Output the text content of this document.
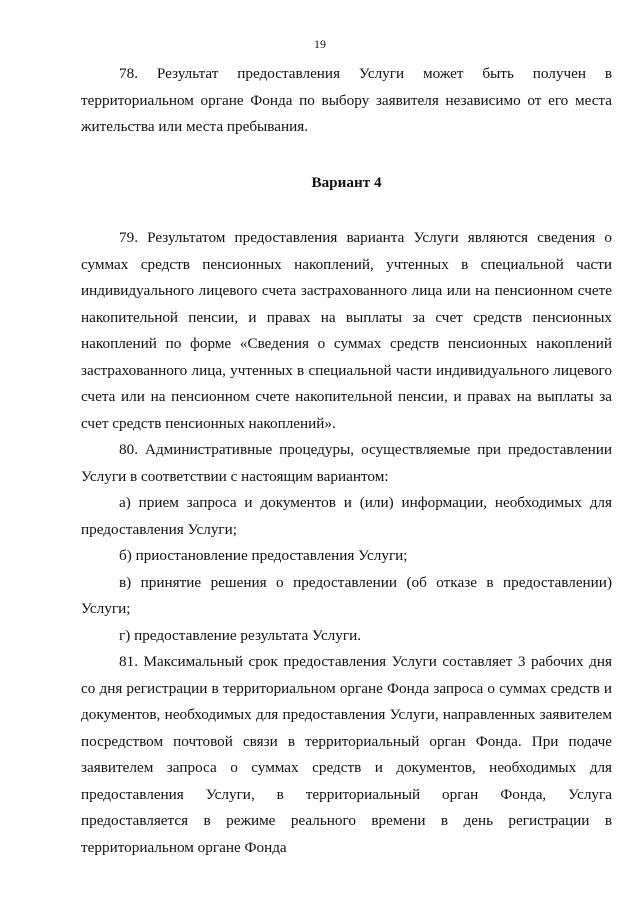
19

78. Результат предоставления Услуги может быть получен в территориальном органе Фонда по выбору заявителя независимо от его места жительства или места пребывания.

Вариант 4

79. Результатом предоставления варианта Услуги являются сведения о суммах средств пенсионных накоплений, учтенных в специальной части индивидуального лицевого счета застрахованного лица или на пенсионном счете накопительной пенсии, и правах на выплаты за счет средств пенсионных накоплений по форме «Сведения о суммах средств пенсионных накоплений застрахованного лица, учтенных в специальной части индивидуального лицевого счета или на пенсионном счете накопительной пенсии, и правах на выплаты за счет средств пенсионных накоплений».

80. Административные процедуры, осуществляемые при предоставлении Услуги в соответствии с настоящим вариантом:

а) прием запроса и документов и (или) информации, необходимых для предоставления Услуги;

б) приостановление предоставления Услуги;

в) принятие решения о предоставлении (об отказе в предоставлении) Услуги;

г) предоставление результата Услуги.

81. Максимальный срок предоставления Услуги составляет 3 рабочих дня со дня регистрации в территориальном органе Фонда запроса о суммах средств и документов, необходимых для предоставления Услуги, направленных заявителем посредством почтовой связи в территориальный орган Фонда. При подаче заявителем запроса о суммах средств и документов, необходимых для предоставления Услуги, в территориальный орган Фонда, Услуга предоставляется в режиме реального времени в день регистрации в территориальном органе Фонда
